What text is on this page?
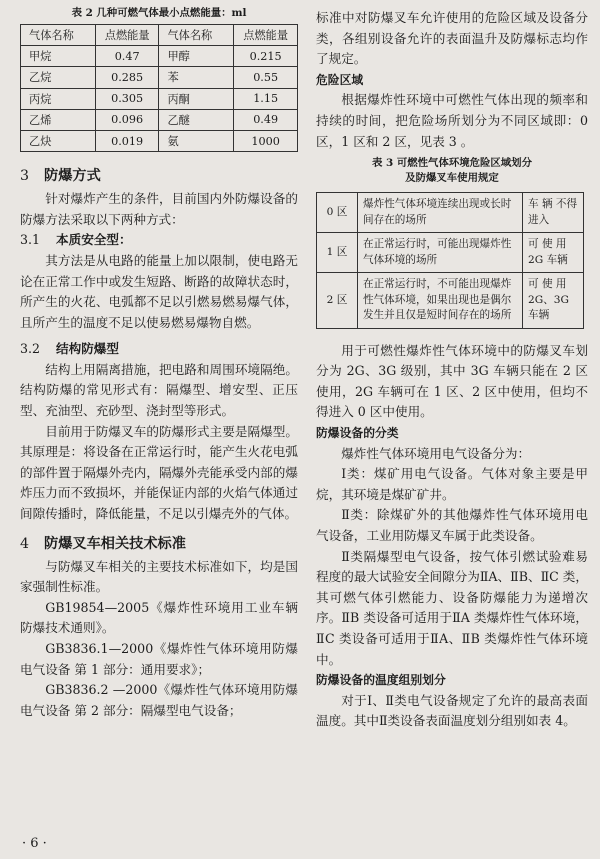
表 2 几种可燃气体最小点燃能量：ml

气体名称	点燃能量	气体名称	点燃能量
甲烷	0.47	甲醇	0.215
乙烷	0.285	苯	0.55
丙烷	0.305	丙酮	1.15
乙烯	0.096	乙醚	0.49
乙炔	0.019	氨	1000
3 防爆方式

针对爆炸产生的条件，目前国内外防爆设备的防爆方法采取以下两种方式：

3.1 本质安全型：

其方法是从电路的能量上加以限制，使电路无论在正常工作中或发生短路、断路的故障状态时，所产生的火花、电弧都不足以引燃易燃易爆气体，且所产生的温度不足以使易燃易爆物自燃。

3.2 结构防爆型

结构上用隔离措施，把电路和周围环境隔绝。结构防爆的常见形式有：隔爆型、增安型、正压型、充油型、充砂型、浇封型等形式。

目前用于防爆叉车的防爆形式主要是隔爆型。其原理是：将设备在正常运行时，能产生火花电弧的部件置于隔爆外壳内，隔爆外壳能承受内部的爆炸压力而不致损坏，并能保证内部的火焰气体通过间隙传播时，降低能量，不足以引爆壳外的气体。

4 防爆叉车相关技术标准

与防爆叉车相关的主要技术标准如下，均是国家强制性标准。

GB19854—2005《爆炸性环境用工业车辆防爆技术通则》。

GB3836.1—2000《爆炸性气体环境用防爆电气设备 第 1 部分：通用要求》；

GB3836.2 —2000《爆炸性气体环境用防爆电气设备 第 2 部分：隔爆型电气设备；

· 6 ·

标准中对防爆叉车允许使用的危险区域及设备分类，各组别设备允许的表面温升及防爆标志均作了规定。

危险区域

根据爆炸性环境中可燃性气体出现的频率和持续的时间，把危险场所划分为不同区域即：0 区，1 区和 2 区，见表 3 。

表 3 可燃性气体环境危险区域划分

及防爆叉车使用规定

0 区	爆炸性气体环境连续出现或长时间存在的场所	车 辆 不得进入
1 区	在正常运行时，可能出现爆炸性气体环境的场所	可 使 用 2G 车辆
2 区	在正常运行时，不可能出现爆炸性气体环境，如果出现也是偶尔发生并且仅是短时间存在的场所	可 使 用 2G、3G 车辆

用于可燃性爆炸性气体环境中的防爆叉车划分为 2G、3G 级别，其中 3G 车辆只能在 2 区使用，2G 车辆可在 1 区、2 区中使用，但均不得进入 0 区中使用。

防爆设备的分类

爆炸性气体环境用电气设备分为：

Ⅰ类：煤矿用电气设备。气体对象主要是甲烷，其环境是煤矿矿井。

Ⅱ类：除煤矿外的其他爆炸性气体环境用电气设备，工业用防爆叉车属于此类设备。

Ⅱ类隔爆型电气设备，按气体引燃试验难易程度的最大试验安全间隙分为ⅡA、ⅡB、ⅡC 类，其可燃气体引燃能力、设备防爆能力为递增次序。ⅡB 类设备可适用于ⅡA 类爆炸性气体环境，ⅡC 类设备可适用于ⅡA、ⅡB 类爆炸性气体环境中。

防爆设备的温度组别划分

对于Ⅰ、Ⅱ类电气设备规定了允许的最高表面温度。其中Ⅱ类设备表面温度划分组别如表 4。
